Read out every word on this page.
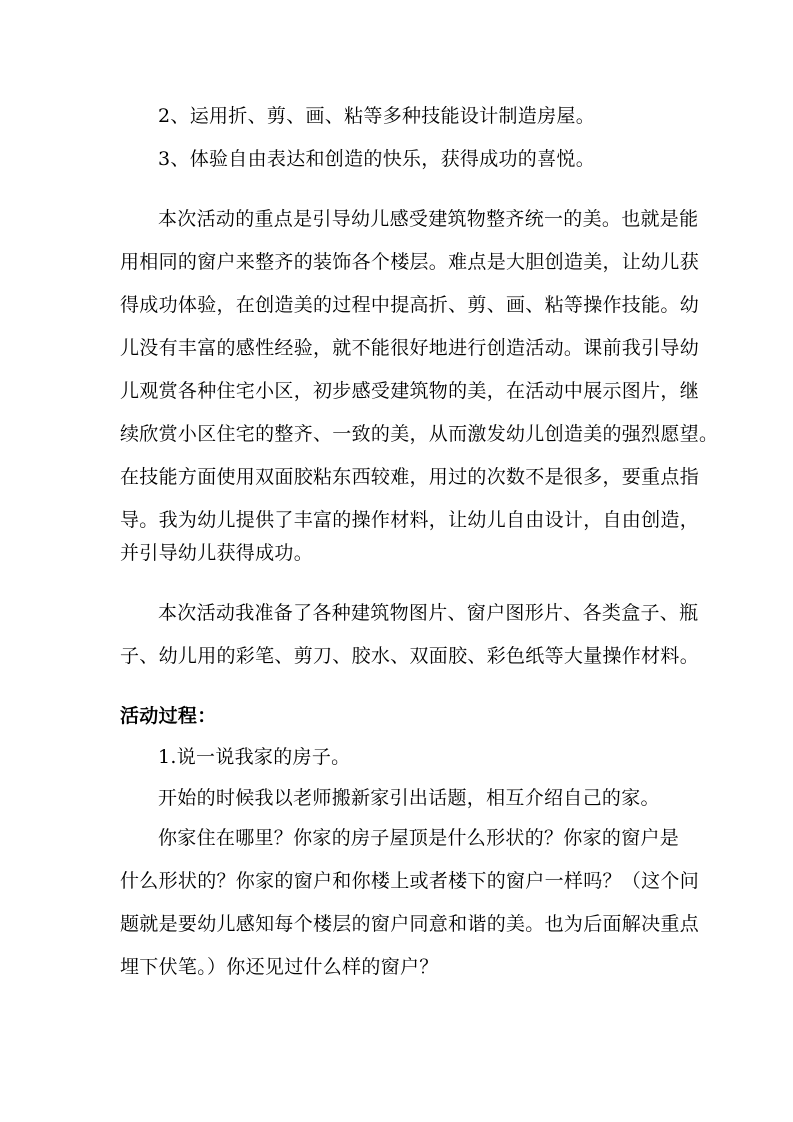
2、运用折、剪、画、粘等多种技能设计制造房屋。
3、体验自由表达和创造的快乐，获得成功的喜悦。
本次活动的重点是引导幼儿感受建筑物整齐统一的美。也就是能
用相同的窗户来整齐的装饰各个楼层。难点是大胆创造美，让幼儿获
得成功体验，在创造美的过程中提高折、剪、画、粘等操作技能。幼
儿没有丰富的感性经验，就不能很好地进行创造活动。课前我引导幼
儿观赏各种住宅小区，初步感受建筑物的美，在活动中展示图片，继
续欣赏小区住宅的整齐、一致的美，从而激发幼儿创造美的强烈愿望。
在技能方面使用双面胶粘东西较难，用过的次数不是很多，要重点指
导。我为幼儿提供了丰富的操作材料，让幼儿自由设计，自由创造，
并引导幼儿获得成功。
本次活动我准备了各种建筑物图片、窗户图形片、各类盒子、瓶
子、幼儿用的彩笔、剪刀、胶水、双面胶、彩色纸等大量操作材料。
活动过程：
1.说一说我家的房子。
开始的时候我以老师搬新家引出话题，相互介绍自己的家。
你家住在哪里？你家的房子屋顶是什么形状的？你家的窗户是
什么形状的？你家的窗户和你楼上或者楼下的窗户一样吗？（这个问
题就是要幼儿感知每个楼层的窗户同意和谐的美。也为后面解决重点
埋下伏笔。）你还见过什么样的窗户？
